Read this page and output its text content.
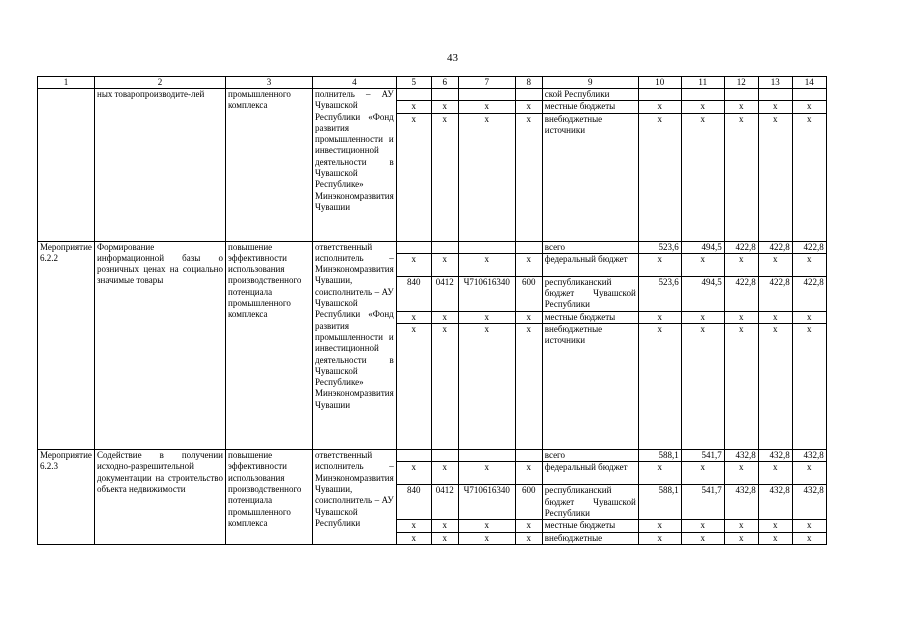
43
1	2	3	4	5	6	7	8	9	10	11	12	13	14
	ных товаропроизводите-лей	промышленного комплекса	полнитель – АУ Чувашской Республики «Фонд развития промышленности и инвестиционной деятельности в Чувашской Республике» Минэкономразвития Чувашии					ской Республики					
				х	х	х	х	местные бюджеты	х	х	х	х	х
				х	х	х	х	внебюджетные источники	х	х	х	х	х
Мероприятие 6.2.2	Формирование информационной базы о розничных ценах на социально значимые товары	повышение эффективности использования производственного потенциала промышленного комплекса	ответственный исполнитель – Минэкономразвития Чувашии, соисполнитель – АУ Чувашской Республики «Фонд развития промышленности и инвестиционной деятельности в Чувашской Республике» Минэкономразвития Чувашии					всего	523,6	494,5	422,8	422,8	422,8
				х	х	х	х	федеральный бюджет	х	х	х	х	х
				840	0412	Ч710616340	600	республиканский бюджет Чувашской Республики	523,6	494,5	422,8	422,8	422,8
				х	х	х	х	местные бюджеты	х	х	х	х	х
				х	х	х	х	внебюджетные источники	х	х	х	х	х
Мероприятие 6.2.3	Содействие в получении исходно-разрешительной документации на строительство объекта недвижимости	повышение эффективности использования производственного потенциала промышленного комплекса	ответственный исполнитель – Минэкономразвития Чувашии, соисполнитель – АУ Чувашской Республики					всего	588,1	541,7	432,8	432,8	432,8
				х	х	х	х	федеральный бюджет	х	х	х	х	х
				840	0412	Ч710616340	600	республиканский бюджет Чувашской Республики	588,1	541,7	432,8	432,8	432,8
				х	х	х	х	местные бюджеты	х	х	х	х	х
				х	х	х	х	внебюджетные	х	х	х	х	х
